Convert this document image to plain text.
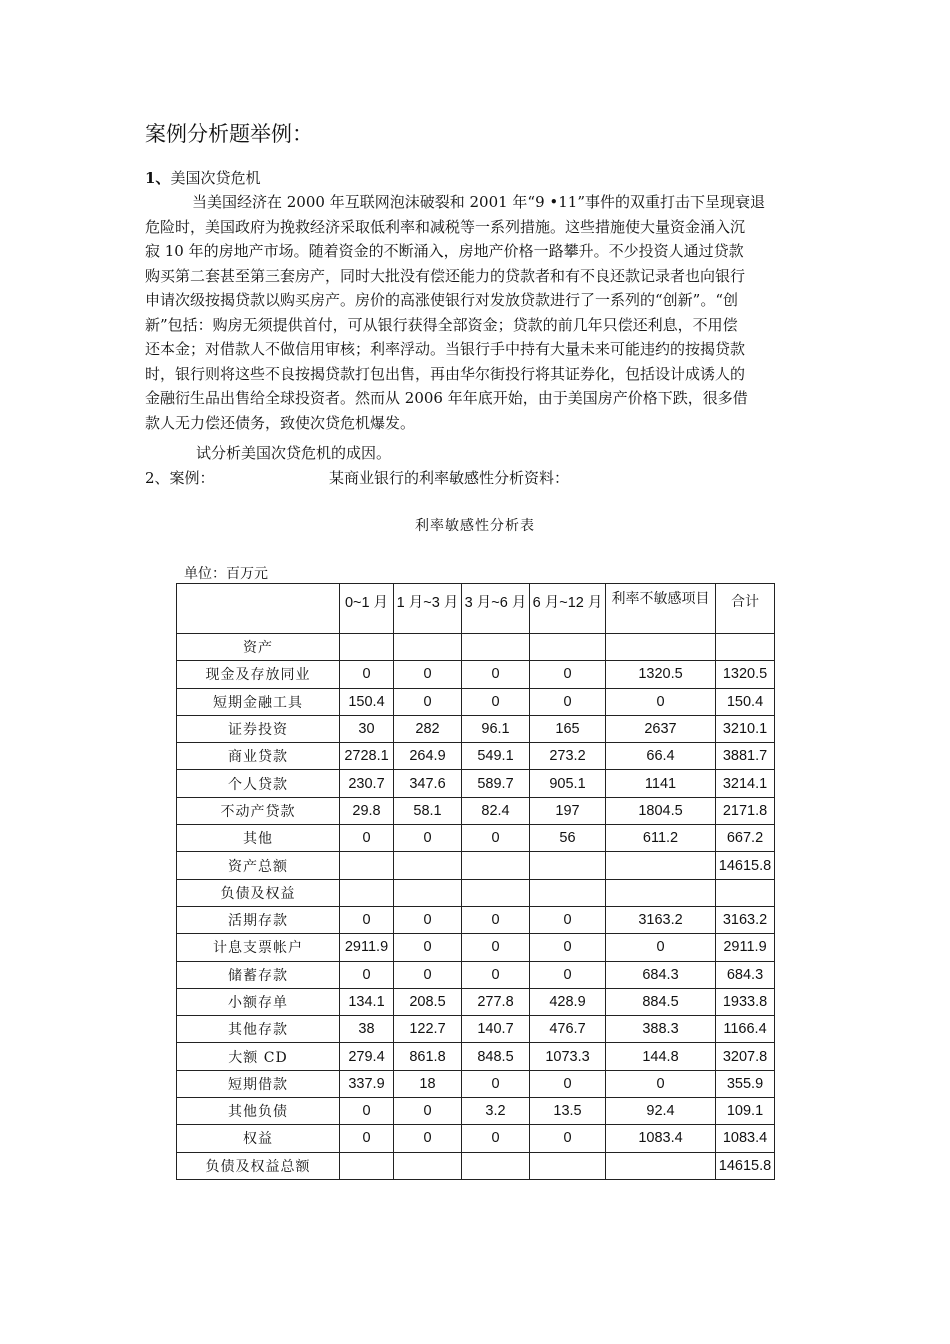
案例分析题举例：
1、美国次贷危机
当美国经济在 2000 年互联网泡沫破裂和 2001 年“9 •11”事件的双重打击下呈现衰退
危险时，美国政府为挽救经济采取低利率和减税等一系列措施。这些措施使大量资金涌入沉
寂 10 年的房地产市场。随着资金的不断涌入，房地产价格一路攀升。不少投资人通过贷款
购买第二套甚至第三套房产，同时大批没有偿还能力的贷款者和有不良还款记录者也向银行
申请次级按揭贷款以购买房产。房价的高涨使银行对发放贷款进行了一系列的“创新”。“创
新”包括：购房无须提供首付，可从银行获得全部资金；贷款的前几年只偿还利息，不用偿
还本金；对借款人不做信用审核；利率浮动。当银行手中持有大量未来可能违约的按揭贷款
时，银行则将这些不良按揭贷款打包出售，再由华尔街投行将其证券化，包括设计成诱人的
金融衍生品出售给全球投资者。然而从 2006 年年底开始，由于美国房产价格下跌，很多借
款人无力偿还债务，致使次贷危机爆发。
试分析美国次贷危机的成因。
2、案例：	某商业银行的利率敏感性分析资料：
利率敏感性分析表
单位：百万元
	0~1 月	1 月~3 月	3 月~6 月	6 月~12 月	利率不敏感项目	合计
资产						
现金及存放同业	0	0	0	0	1320.5	1320.5
短期金融工具	150.4	0	0	0	0	150.4
证券投资	30	282	96.1	165	2637	3210.1
商业贷款	2728.1	264.9	549.1	273.2	66.4	3881.7
个人贷款	230.7	347.6	589.7	905.1	1141	3214.1
不动产贷款	29.8	58.1	82.4	197	1804.5	2171.8
其他	0	0	0	56	611.2	667.2
资产总额						14615.8
负债及权益						
活期存款	0	0	0	0	3163.2	3163.2
计息支票帐户	2911.9	0	0	0	0	2911.9
储蓄存款	0	0	0	0	684.3	684.3
小额存单	134.1	208.5	277.8	428.9	884.5	1933.8
其他存款	38	122.7	140.7	476.7	388.3	1166.4
大额 CD	279.4	861.8	848.5	1073.3	144.8	3207.8
短期借款	337.9	18	0	0	0	355.9
其他负债	0	0	3.2	13.5	92.4	109.1
权益	0	0	0	0	1083.4	1083.4
负债及权益总额						14615.8
